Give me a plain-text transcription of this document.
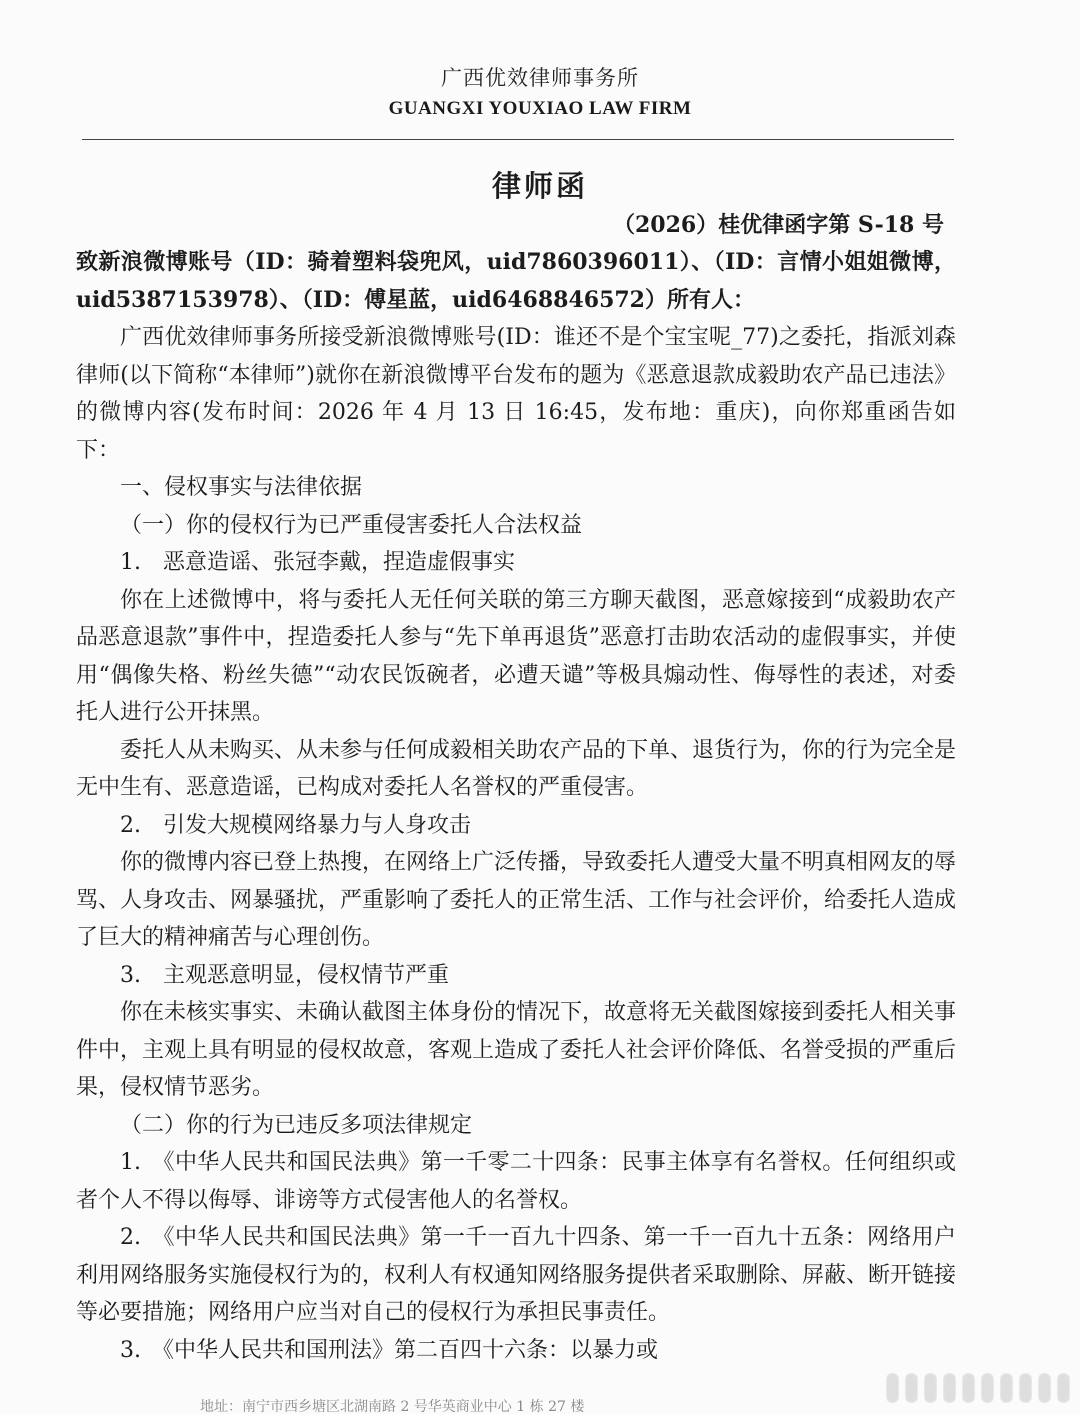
广西优效律师事务所
GUANGXI YOUXIAO LAW FIRM
律师函
（2026）桂优律函字第 S-18 号

致新浪微博账号（ID：骑着塑料袋兜风，uid7860396011）、（ID：言情小姐姐微博，uid5387153978）、（ID：傅星蓝，uid6468846572）所有人：

广西优效律师事务所接受新浪微博账号(ID：谁还不是个宝宝呢_77)之委托，指派刘森律师(以下简称“本律师”)就你在新浪微博平台发布的题为《恶意退款成毅助农产品已违法》的微博内容(发布时间：2026 年 4 月 13 日 16:45，发布地：重庆)，向你郑重函告如下：

一、侵权事实与法律依据

（一）你的侵权行为已严重侵害委托人合法权益

1.　恶意造谣、张冠李戴，捏造虚假事实

你在上述微博中，将与委托人无任何关联的第三方聊天截图，恶意嫁接到“成毅助农产品恶意退款”事件中，捏造委托人参与“先下单再退货”恶意打击助农活动的虚假事实，并使用“偶像失格、粉丝失德”“动农民饭碗者，必遭天谴”等极具煽动性、侮辱性的表述，对委托人进行公开抹黑。

委托人从未购买、从未参与任何成毅相关助农产品的下单、退货行为，你的行为完全是无中生有、恶意造谣，已构成对委托人名誉权的严重侵害。

2.　引发大规模网络暴力与人身攻击

你的微博内容已登上热搜，在网络上广泛传播，导致委托人遭受大量不明真相网友的辱骂、人身攻击、网暴骚扰，严重影响了委托人的正常生活、工作与社会评价，给委托人造成了巨大的精神痛苦与心理创伤。

3.　主观恶意明显，侵权情节严重

你在未核实事实、未确认截图主体身份的情况下，故意将无关截图嫁接到委托人相关事件中，主观上具有明显的侵权故意，客观上造成了委托人社会评价降低、名誉受损的严重后果，侵权情节恶劣。

（二）你的行为已违反多项法律规定

1.　《中华人民共和国民法典》第一千零二十四条：民事主体享有名誉权。任何组织或者个人不得以侮辱、诽谤等方式侵害他人的名誉权。

2.　《中华人民共和国民法典》第一千一百九十四条、第一千一百九十五条：网络用户利用网络服务实施侵权行为的，权利人有权通知网络服务提供者采取删除、屏蔽、断开链接等必要措施；网络用户应当对自己的侵权行为承担民事责任。

3.　《中华人民共和国刑法》第二百四十六条：以暴力或

地址：南宁市西乡塘区北湖南路 2 号华英商业中心 1 栋 27 楼
